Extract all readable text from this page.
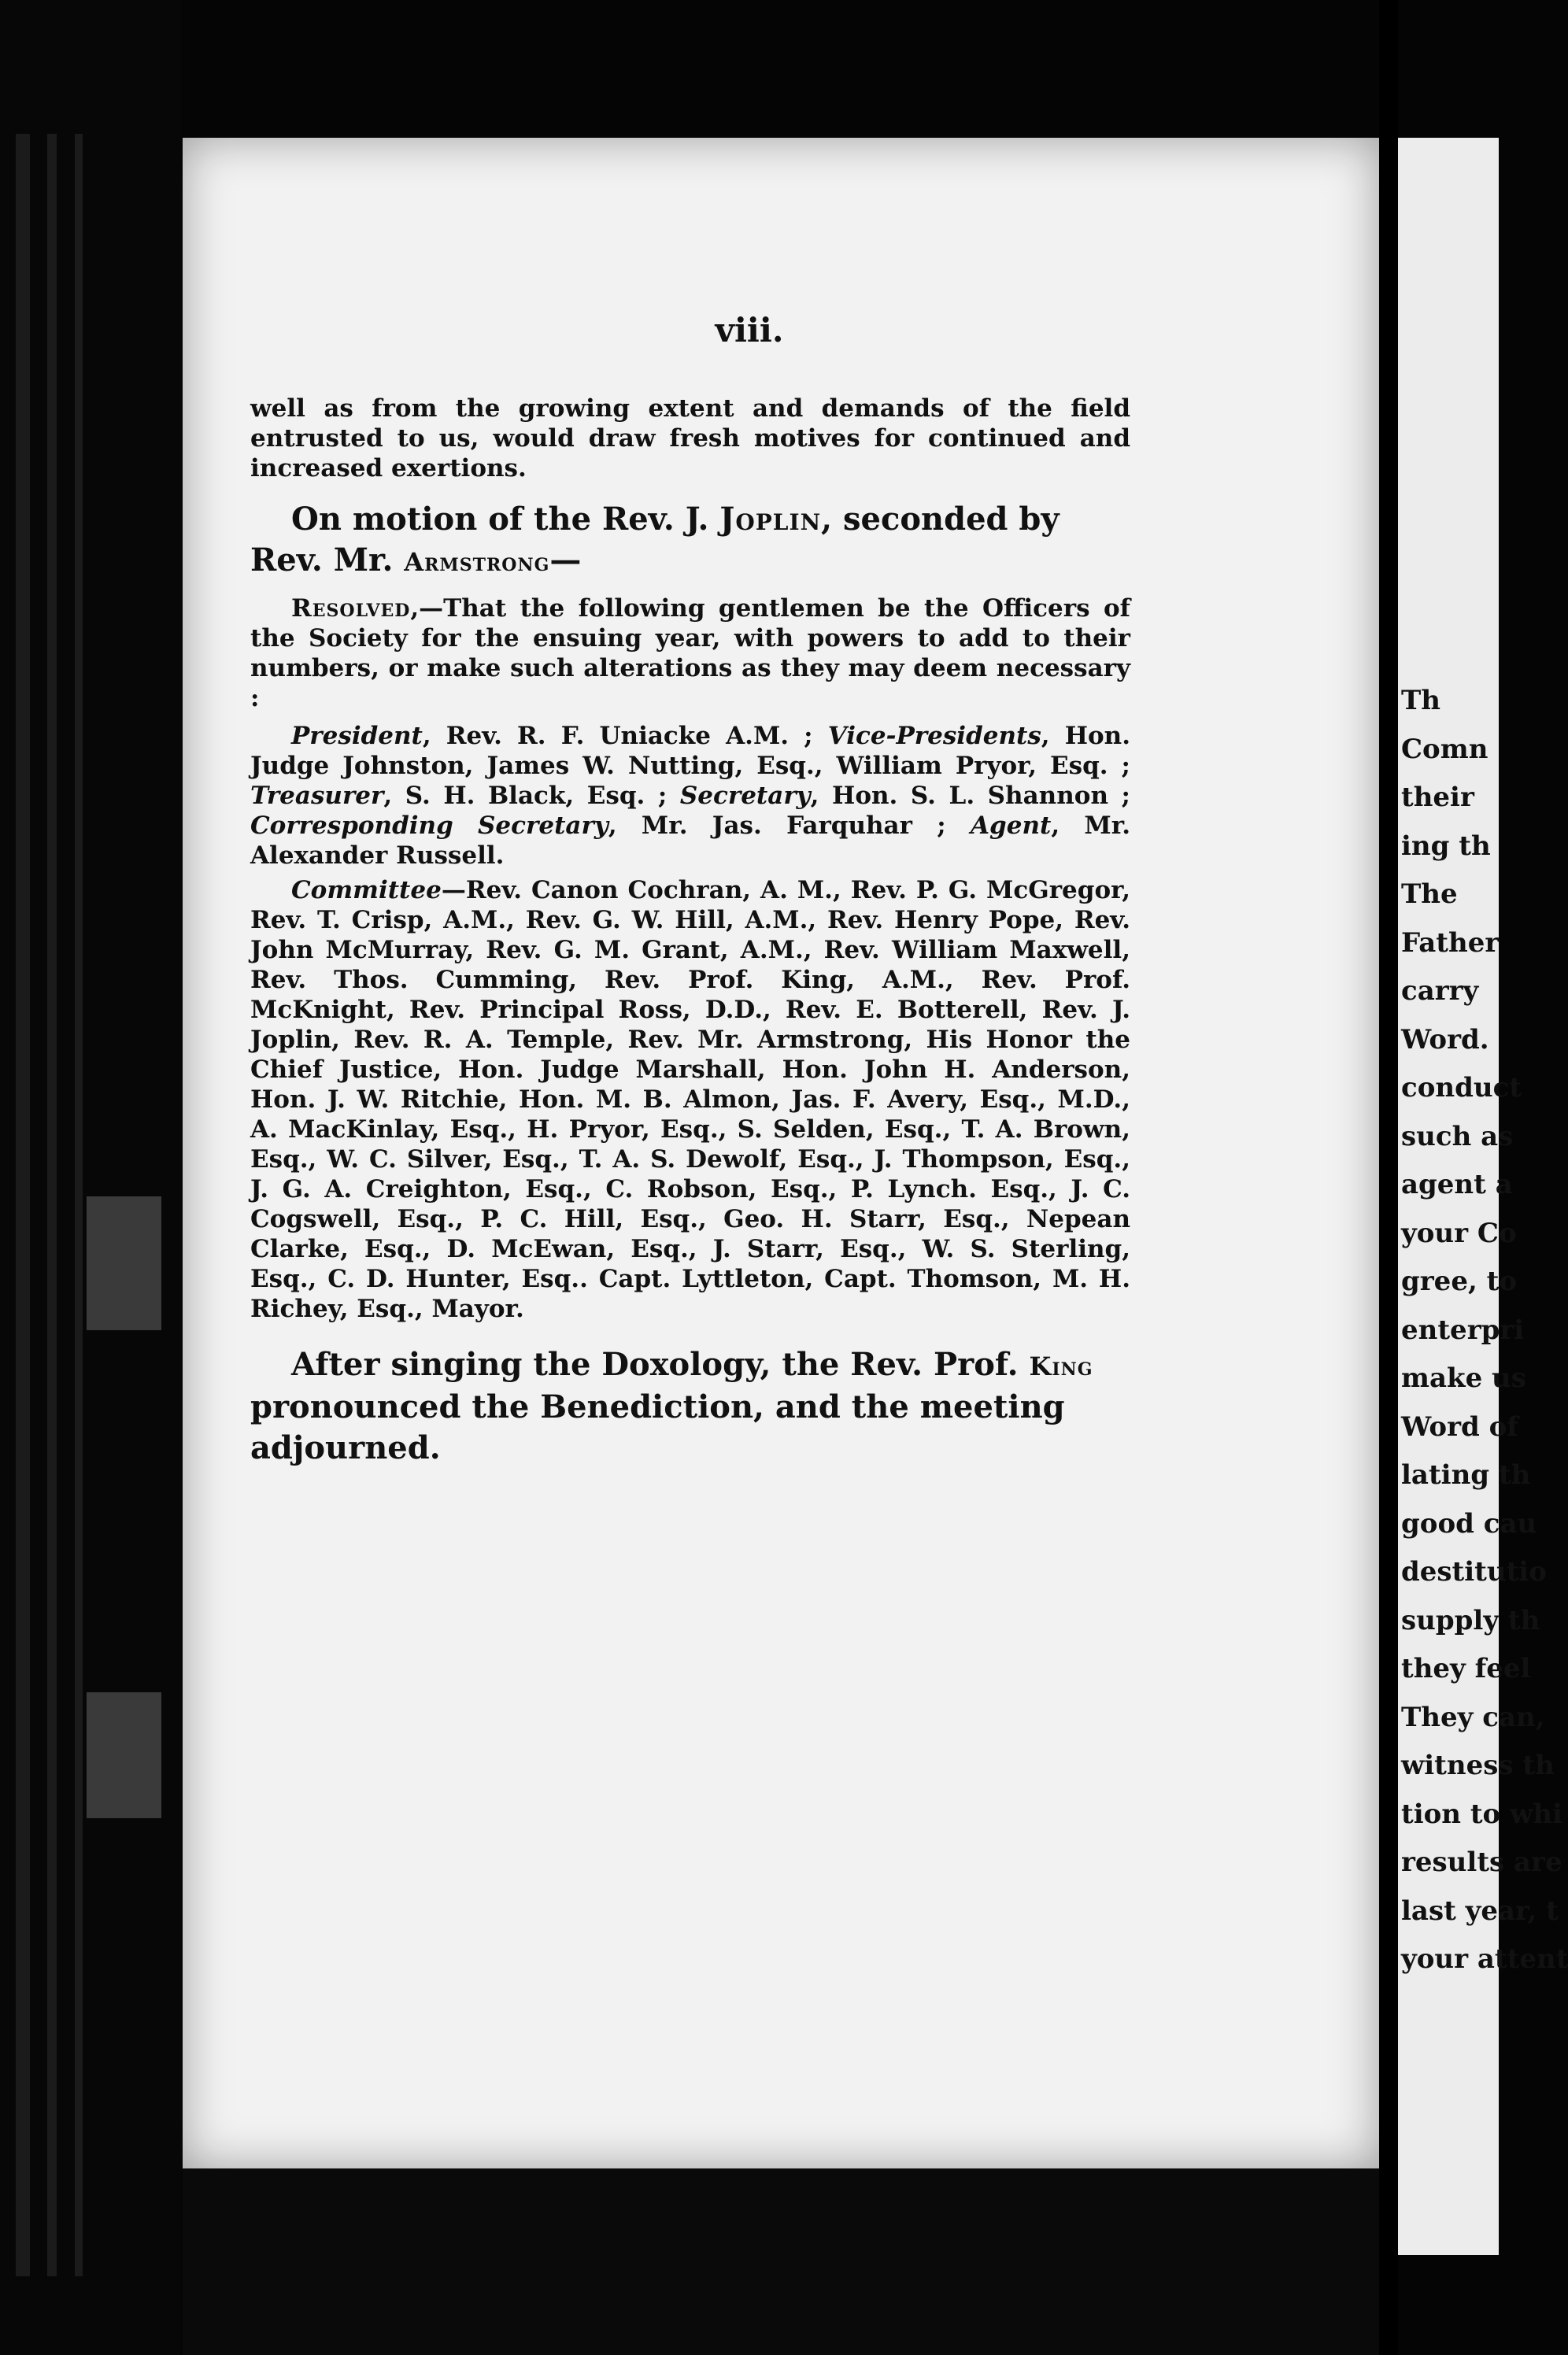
viii.

well as from the growing extent and demands of the field entrusted to us, would draw fresh motives for continued and increased exertions.

On motion of the Rev. J. Joplin, seconded by Rev. Mr. Armstrong—

Resolved,—That the following gentlemen be the Officers of the Society for the ensuing year, with powers to add to their numbers, or make such alterations as they may deem necessary :

President, Rev. R. F. Uniacke A.M. ; Vice-Presidents, Hon. Judge Johnston, James W. Nutting, Esq., William Pryor, Esq. ; Treasurer, S. H. Black, Esq. ; Secretary, Hon. S. L. Shannon ; Corresponding Secretary, Mr. Jas. Farquhar ; Agent, Mr. Alexander Russell.

Committee—Rev. Canon Cochran, A. M., Rev. P. G. McGregor, Rev. T. Crisp, A.M., Rev. G. W. Hill, A.M., Rev. Henry Pope, Rev. John McMurray, Rev. G. M. Grant, A.M., Rev. William Maxwell, Rev. Thos. Cumming, Rev. Prof. King, A.M., Rev. Prof. McKnight, Rev. Principal Ross, D.D., Rev. E. Botterell, Rev. J. Joplin, Rev. R. A. Temple, Rev. Mr. Armstrong, His Honor the Chief Justice, Hon. Judge Marshall, Hon. John H. Anderson, Hon. J. W. Ritchie, Hon. M. B. Almon, Jas. F. Avery, Esq., M.D., A. MacKinlay, Esq., H. Pryor, Esq., S. Selden, Esq., T. A. Brown, Esq., W. C. Silver, Esq., T. A. S. Dewolf, Esq., J. Thompson, Esq., J. G. A. Creighton, Esq., C. Robson, Esq., P. Lynch. Esq., J. C. Cogswell, Esq., P. C. Hill, Esq., Geo. H. Starr, Esq., Nepean Clarke, Esq., D. McEwan, Esq., J. Starr, Esq., W. S. Sterling, Esq., C. D. Hunter, Esq.. Capt. Lyttleton, Capt. Thomson, M. H. Richey, Esq., Mayor.

After singing the Doxology, the Rev. Prof. King pronounced the Benediction, and the meeting adjourned.

Th
Comn
their
ing th
The
Father
carry
Word.
conduct
such as
agent a
your Co
gree, to
enterpri
make us
Word of
lating th
good cau
destitutio
supply th
they feel
They can,
witness th
tion to whi
results are
last year, t
your attent
